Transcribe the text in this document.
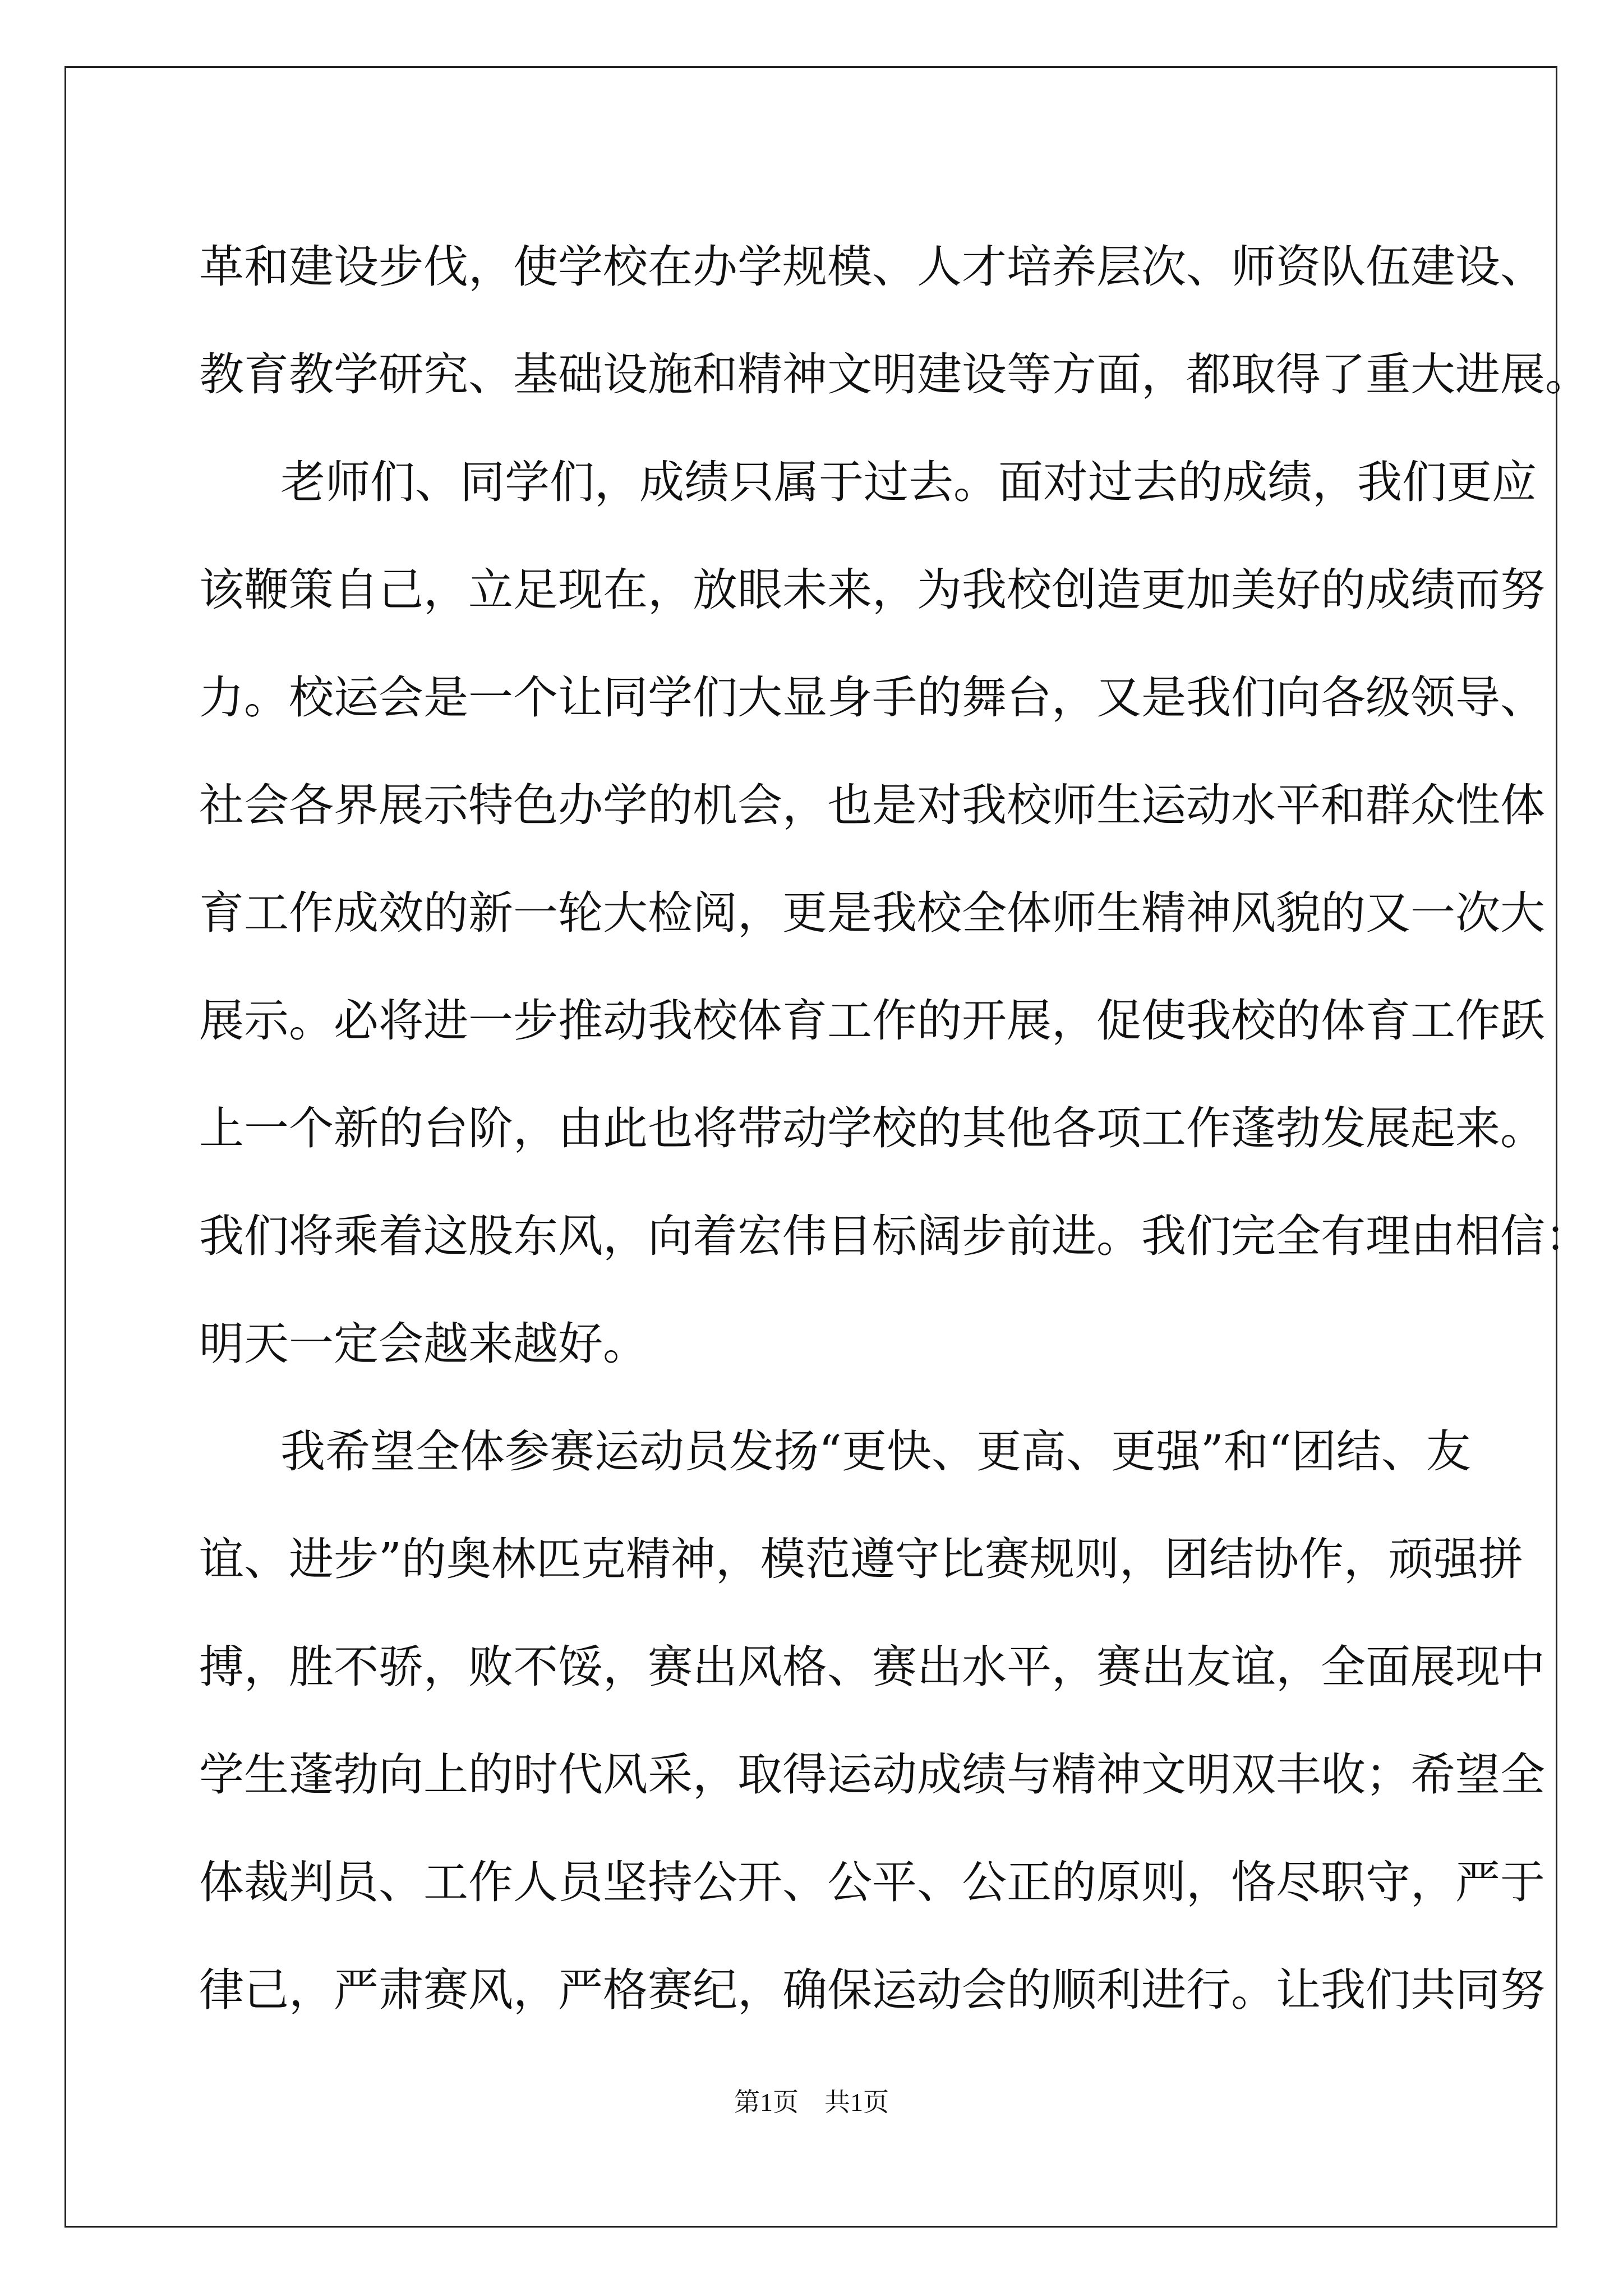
革和建设步伐，使学校在办学规模、人才培养层次、师资队伍建设、
教育教学研究、基础设施和精神文明建设等方面，都取得了重大进展。
老师们、同学们，成绩只属于过去。面对过去的成绩，我们更应
该鞭策自己，立足现在，放眼未来，为我校创造更加美好的成绩而努
力。校运会是一个让同学们大显身手的舞台，又是我们向各级领导、
社会各界展示特色办学的机会，也是对我校师生运动水平和群众性体
育工作成效的新一轮大检阅，更是我校全体师生精神风貌的又一次大
展示。必将进一步推动我校体育工作的开展，促使我校的体育工作跃
上一个新的台阶，由此也将带动学校的其他各项工作蓬勃发展起来。
我们将乘着这股东风，向着宏伟目标阔步前进。我们完全有理由相信：
明天一定会越来越好。
我希望全体参赛运动员发扬“更快、更高、更强”和“团结、友
谊、进步”的奥林匹克精神，模范遵守比赛规则，团结协作，顽强拼
搏，胜不骄，败不馁，赛出风格、赛出水平，赛出友谊，全面展现中
学生蓬勃向上的时代风采，取得运动成绩与精神文明双丰收；希望全
体裁判员、工作人员坚持公开、公平、公正的原则，恪尽职守，严于
律己，严肃赛风，严格赛纪，确保运动会的顺利进行。让我们共同努
第1页　共1页
